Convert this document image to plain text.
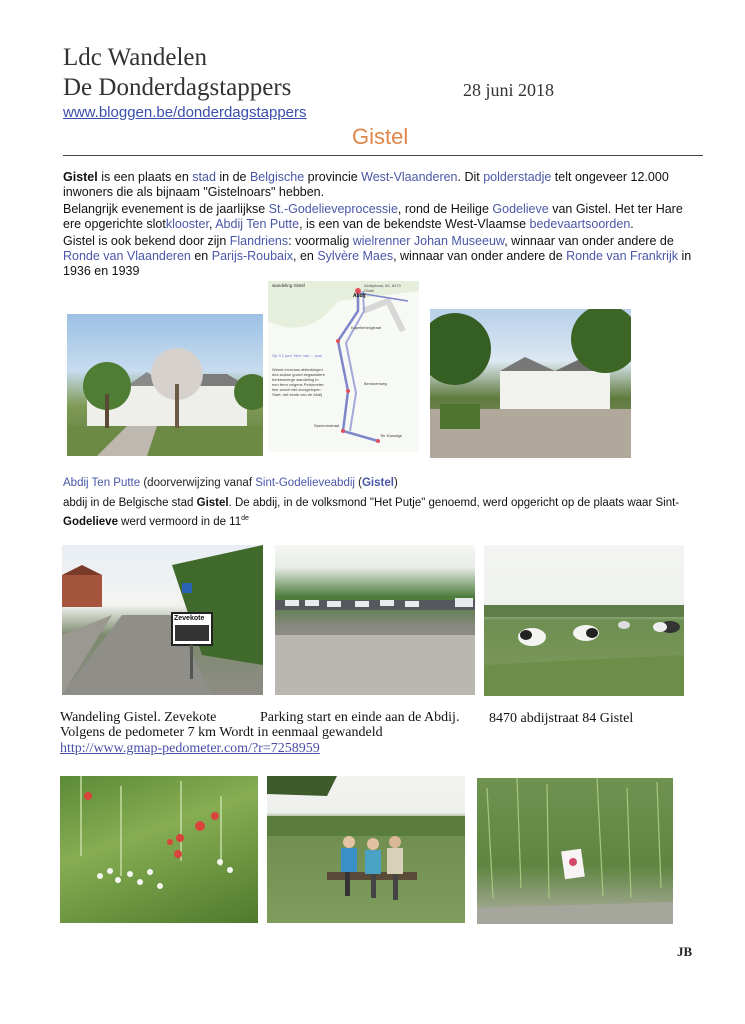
Ldc Wandelen
De Donderdagstappers	28 juni 2018
www.bloggen.be/donderdagstappers
Gistel
Gistel is een plaats en stad in de Belgische provincie West-Vlaanderen. Dit polderstadje telt ongeveer 12.000 inwoners die als bijnaam "Gistelnoars" hebben.
Belangrijk evenement is de jaarlijkse St.-Godelieveprocessie, rond de Heilige Godelieve van Gistel. Het ter Hare ere opgerichte slotklooster, Abdij Ten Putte, is een van de bekendste West-Vlaamse bedevaartsoorden.
Gistel is ook bekend door zijn Flandriens: voormalig wielrenner Johan Museeuw, winnaar van onder andere de Ronde van Vlaanderen en Parijs-Roubaix, en Sylvère Maes, winnaar van onder andere de Ronde van Frankrijk in 1936 en 1939
wandeling Gistel
Abdij
Abdijstraat, 84, 8470 Gistel
Kapelleriesgtraat
Bevaverlweg
Speeronstraat
Ter Kwaalge
Op 3.1 juni: Hier: van ... pad
Weest ervoraus afsterkingen des stukse grond begaandere herkeweerge wandeling in een ferm volgens Pedometer: hier wordt niet doorgelopen Start: het einde van de Abdij
Abdij Ten Putte (doorverwijzing vanaf Sint-Godelieveabdij (Gistel)
abdij in de Belgische stad Gistel. De abdij, in de volksmond "Het Putje" genoemd, werd opgericht op de plaats waar Sint-
Godelieve werd vermoord in de 11de
Zevekote
Wandeling Gistel. Zevekote	Parking start en einde aan de Abdij. 8470 abdijstraat 84 Gistel
Volgens de pedometer 7 km Wordt in eenmaal gewandeld
http://www.gmap-pedometer.com/?r=7258959
JB
